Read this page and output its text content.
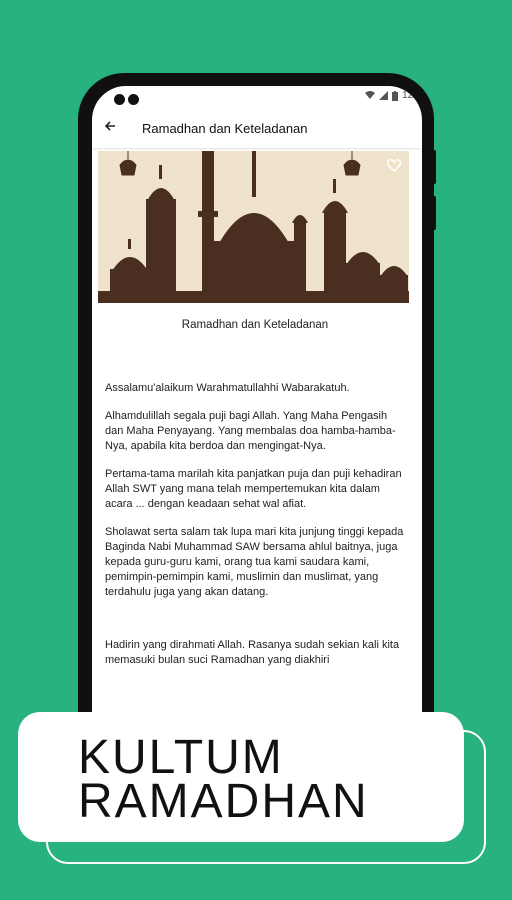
12:
Ramadhan dan Keteladanan
Ramadhan dan Keteladanan

Assalamu'alaikum Warahmatullahhi Wabarakatuh.

Alhamdulillah segala puji bagi Allah. Yang Maha Pengasih dan Maha Penyayang. Yang membalas doa hamba-hamba-Nya, apabila kita berdoa dan mengingat-Nya.

Pertama-tama marilah kita panjatkan puja dan puji kehadiran Allah SWT yang mana telah mempertemukan kita dalam acara ... dengan keadaan sehat wal afiat.

Sholawat serta salam tak lupa mari kita junjung tinggi kepada Baginda Nabi Muhammad SAW bersama ahlul baitnya, juga kepada guru-guru kami, orang tua kami saudara kami, pemimpin-pemimpin kami, muslimin dan muslimat, yang terdahulu juga yang akan datang.

Hadirin yang dirahmati Allah. Rasanya sudah sekian kali kita memasuki bulan suci Ramadhan yang diakhiri

KULTUM
RAMADHAN
